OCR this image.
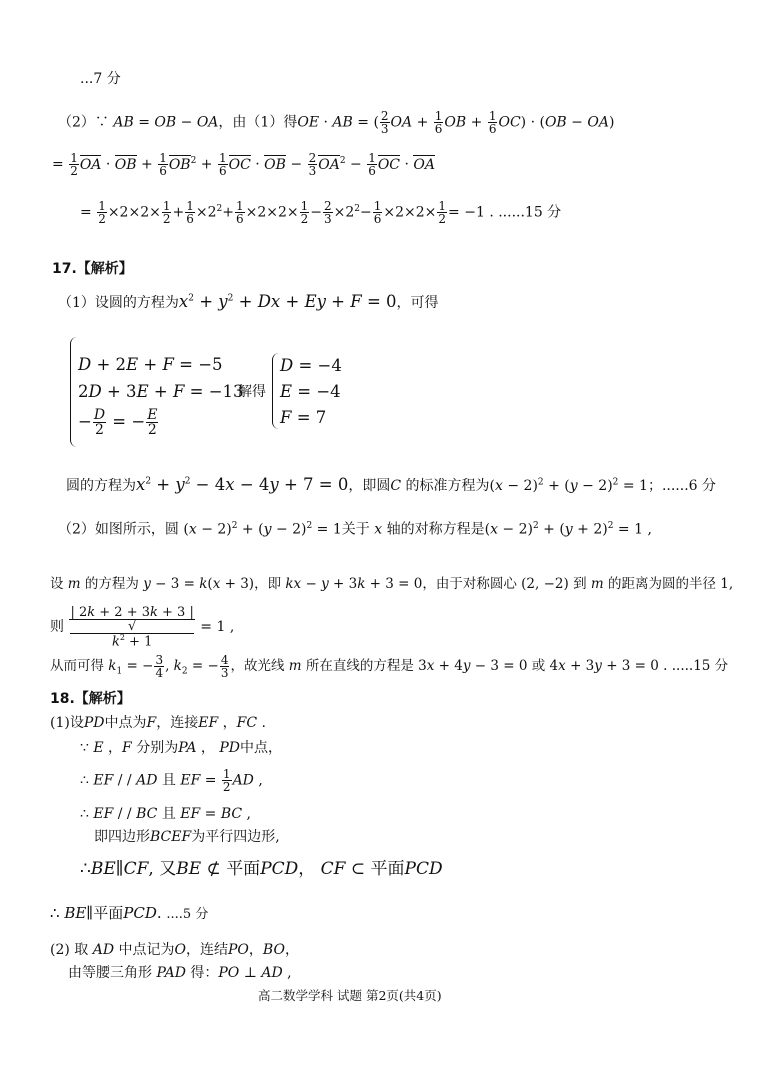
...7 分
（2）∵ AB = OB − OA，由（1）得OE · AB = ( $\frac{2}{3}$ OA + $\frac{1}{6}$ OB + $\frac{1}{6} OC) \cdot (OB - OA)$
= $\frac{1}{2}$ OA · OB + $\frac{1}{6} OB^2 + \frac{1}{6}$ OC · OB − $\frac{2}{3} OA^2 - \frac{1}{6}$ OC · OA
= $\frac{1}{2} \times 2\times 2\times \frac{1}{2} + \frac{1}{6} \times 2^2+ \frac{1}{6} \times 2\times 2\times \frac{1}{2} - \frac{2}{3} \times 2^2- \frac{1}{6} \times 2\times 2\times \frac{1}{2} = -1$ . ......15 分
17.【解析】
（1）设圆的方程为$x^2 + y^2 + Dx + Ey + F = 0$，可得
D + 2E + F = −5
2D + 3E + F = −13
− $\frac{D}{2}$ = − $\frac{E}{2}$
解得
D = −4
E = −4
F = 7
圆的方程为$x^2 + y^2 - 4x - 4y + 7 = 0$，即圆C 的标准方程为$(x - 2)^2 + (y - 2)^2 = 1$；......6 分
（2）如图所示，圆 $(x - 2)^2 + (y - 2)^2 = 1$关于 x 轴的对称方程是$(x - 2)^2 + (y + 2)^2 = 1$ ,
设 m 的方程为 y − 3 = k(x + 3)，即 kx − y + 3k + 3 = 0，由于对称圆心 (2, −2) 到 m 的距离为圆的半径 1,
则 | 2k + 2 + 3k + 3 |
√
$k^2 + 1 = 1$ ,
从而可得 $k_1$ = − $\frac{3}{4}$ , $k_2$ = − $\frac{4}{3}$ ，故光线 m 所在直线的方程是 3x + 4y − 3 = 0 或 4x + 3y + 3 = 0 . .....15 分
18.【解析】
(1)设PD中点为F，连接EF ，FC .
∵ E ，F 分别为PA ， PD中点，
∴ EF / / AD 且 EF = $\frac{1}{2}$ AD ,
∴ EF / / BC 且 EF = BC ,
即四边形BCEF为平行四边形,
∴BE∥CF, 又BE ⊄ 平面PCD， CF ⊂ 平面PCD
∴ BE∥平面PCD. ....5 分
(2) 取 AD 中点记为O，连结PO，BO，
由等腰三角形 PAD 得：PO ⊥ AD ,
高二数学学科 试题 第2页(共4页)
